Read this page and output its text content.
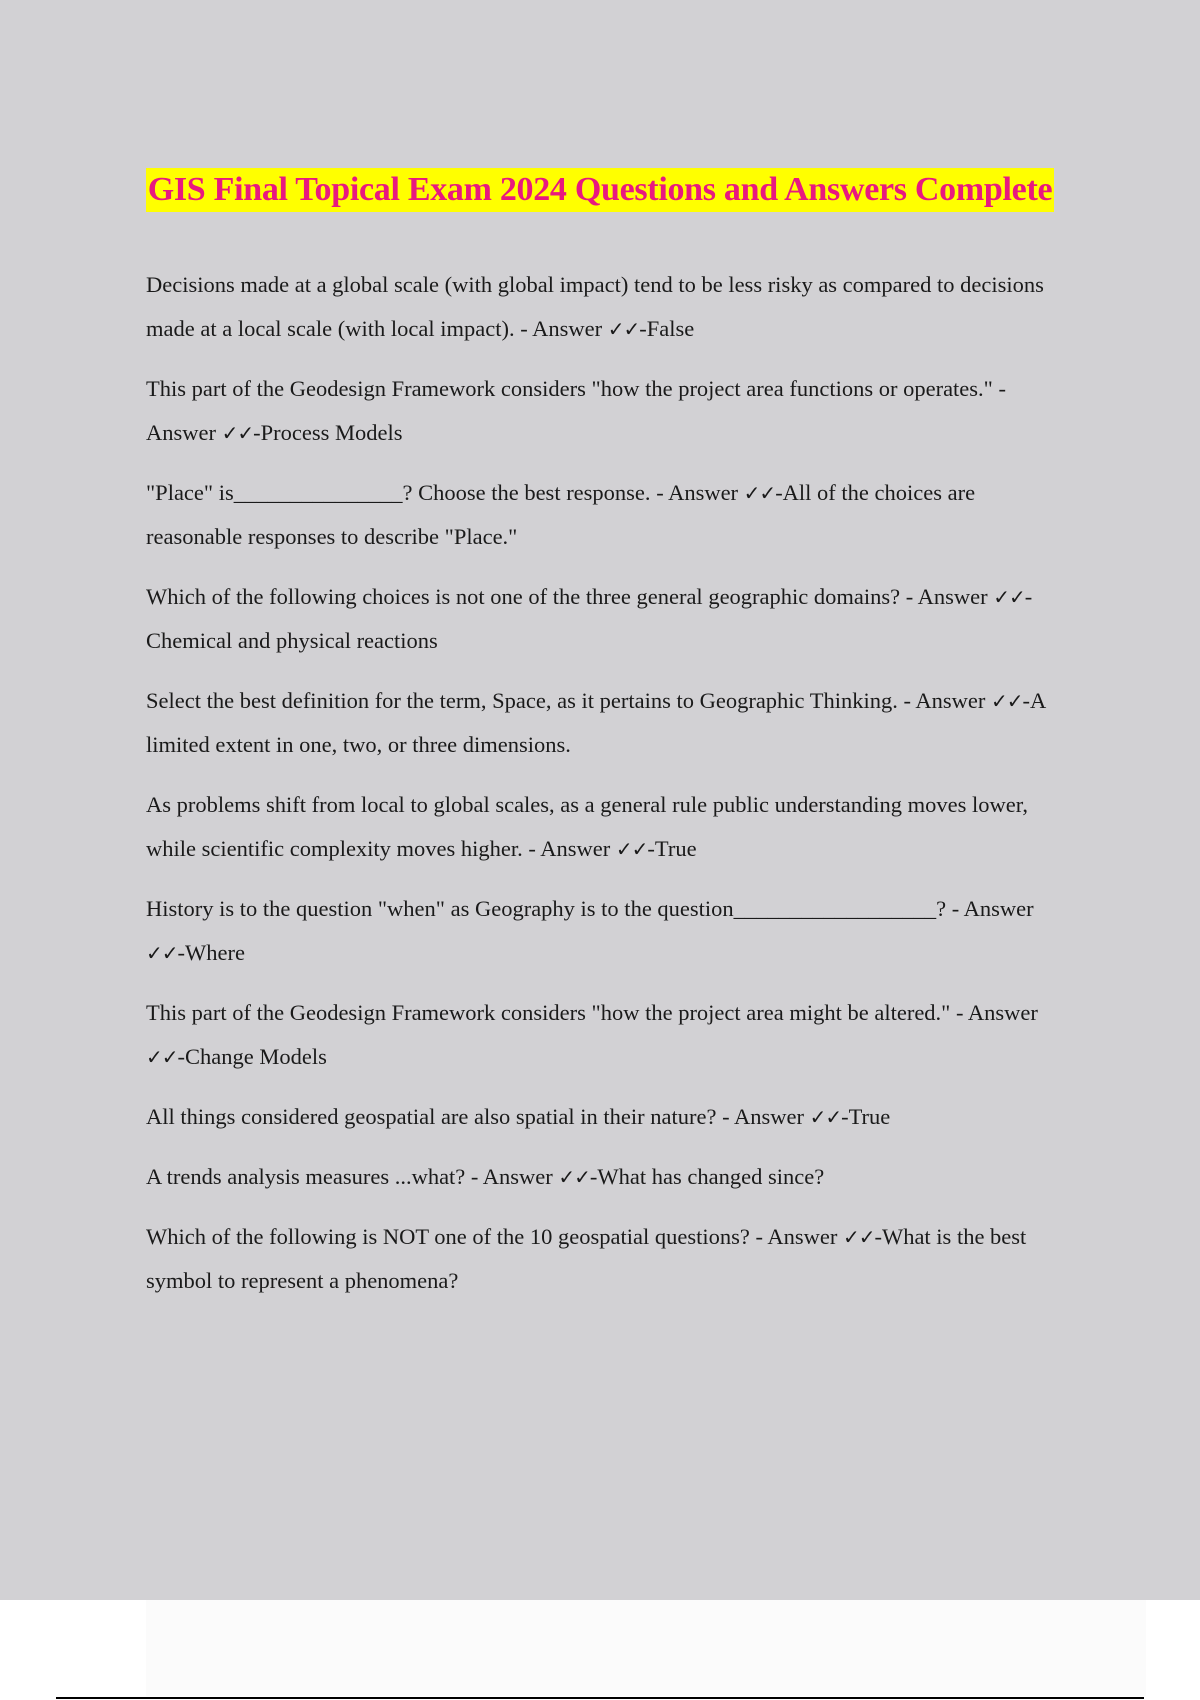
GIS Final Topical Exam 2024 Questions and Answers Complete
Decisions made at a global scale (with global impact) tend to be less risky as compared to decisions made at a local scale (with local impact). - Answer ✓✓-False
This part of the Geodesign Framework considers "how the project area functions or operates." - Answer ✓✓-Process Models
"Place" is_______________? Choose the best response. - Answer ✓✓-All of the choices are reasonable responses to describe "Place."
Which of the following choices is not one of the three general geographic domains? - Answer ✓✓-Chemical and physical reactions
Select the best definition for the term, Space, as it pertains to Geographic Thinking. - Answer ✓✓-A limited extent in one, two, or three dimensions.
As problems shift from local to global scales, as a general rule public understanding moves lower, while scientific complexity moves higher. - Answer ✓✓-True
History is to the question "when" as Geography is to the question__________________? - Answer ✓✓-Where
This part of the Geodesign Framework considers "how the project area might be altered." - Answer ✓✓-Change Models
All things considered geospatial are also spatial in their nature? - Answer ✓✓-True
A trends analysis measures ...what? - Answer ✓✓-What has changed since?
Which of the following is NOT one of the 10 geospatial questions? - Answer ✓✓-What is the best symbol to represent a phenomena?
